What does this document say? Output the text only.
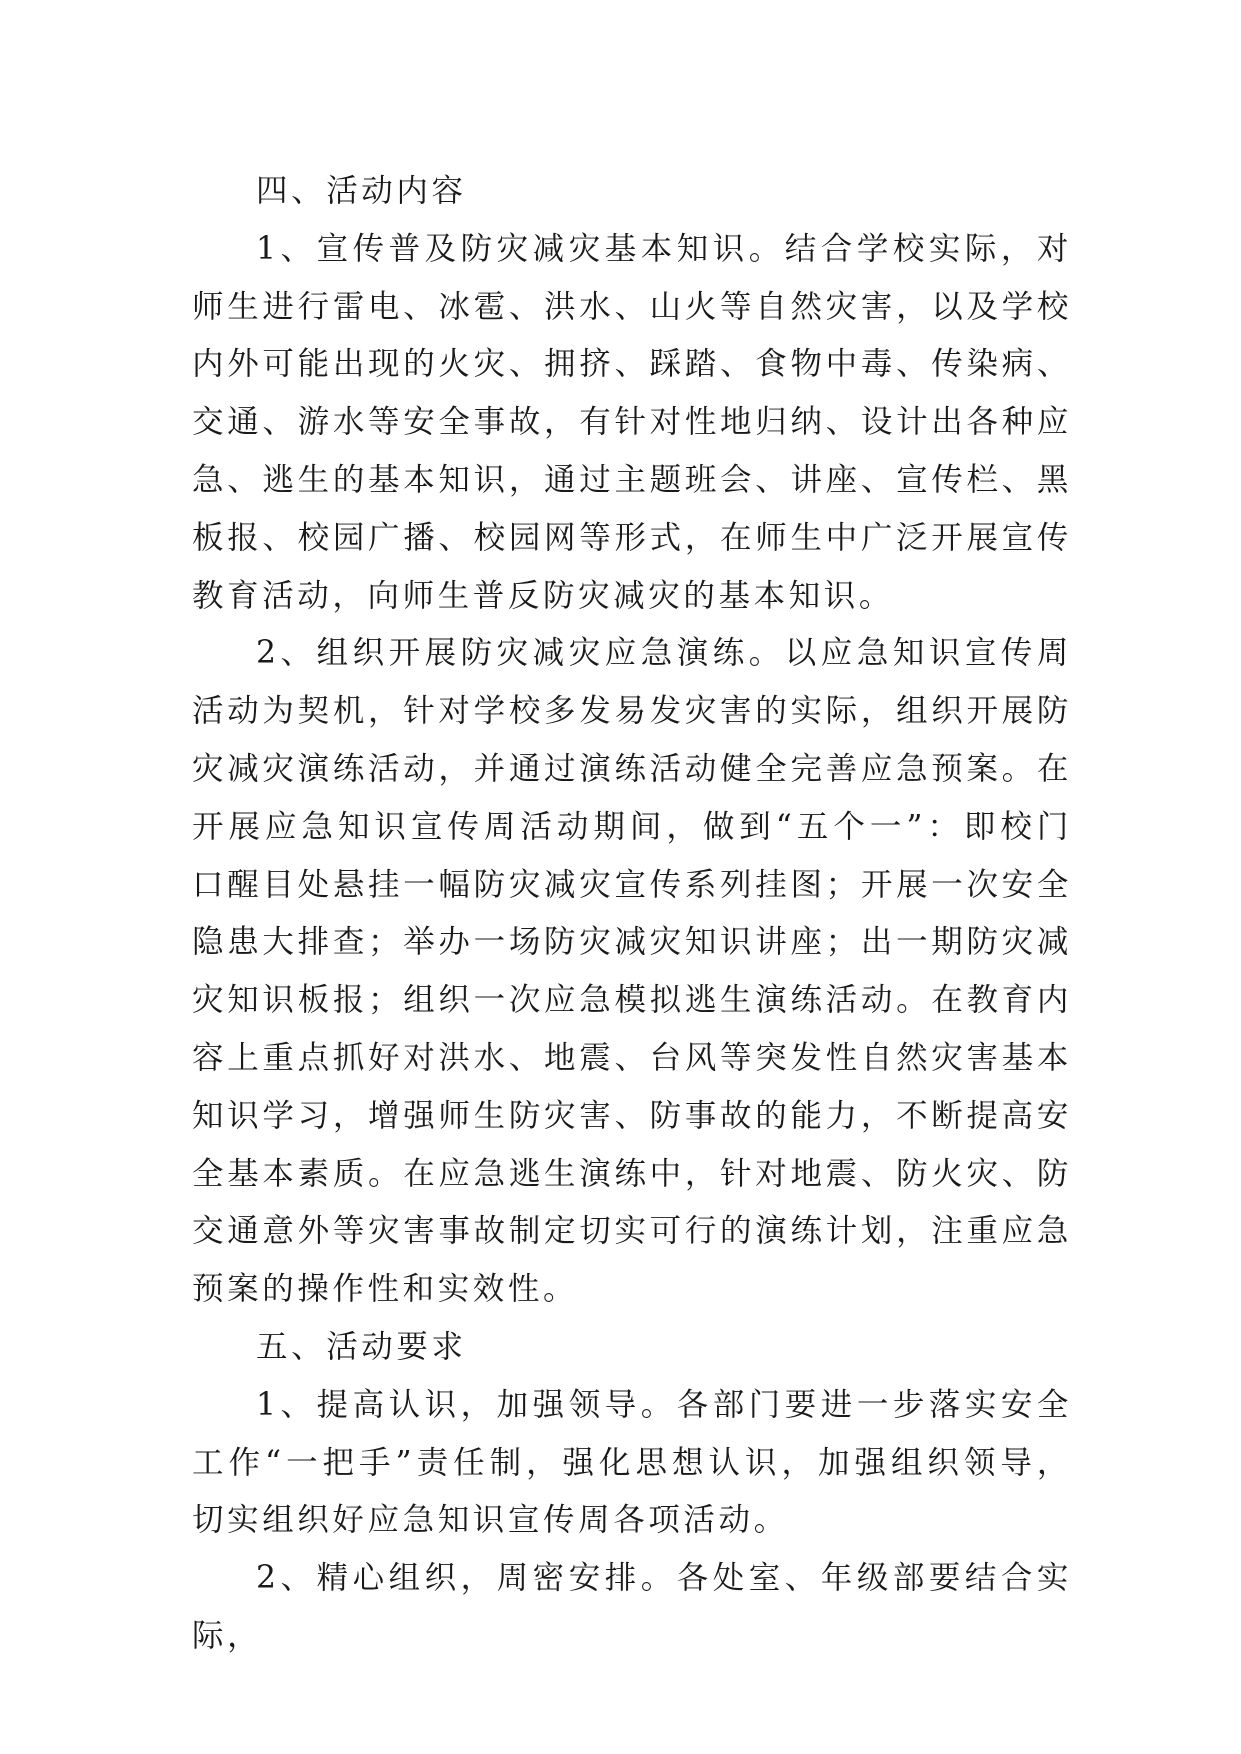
四、活动内容

1、宣传普及防灾减灾基本知识。结合学校实际，对师生进行雷电、冰雹、洪水、山火等自然灾害，以及学校内外可能出现的火灾、拥挤、踩踏、食物中毒、传染病、交通、游水等安全事故，有针对性地归纳、设计出各种应急、逃生的基本知识，通过主题班会、讲座、宣传栏、黑板报、校园广播、校园网等形式，在师生中广泛开展宣传教育活动，向师生普反防灾减灾的基本知识。

2、组织开展防灾减灾应急演练。以应急知识宣传周活动为契机，针对学校多发易发灾害的实际，组织开展防灾减灾演练活动，并通过演练活动健全完善应急预案。在开展应急知识宣传周活动期间，做到“五个一”：即校门口醒目处悬挂一幅防灾减灾宣传系列挂图；开展一次安全隐患大排查；举办一场防灾减灾知识讲座；出一期防灾减灾知识板报；组织一次应急模拟逃生演练活动。在教育内容上重点抓好对洪水、地震、台风等突发性自然灾害基本知识学习，增强师生防灾害、防事故的能力，不断提高安全基本素质。在应急逃生演练中，针对地震、防火灾、防交通意外等灾害事故制定切实可行的演练计划，注重应急预案的操作性和实效性。

五、活动要求

1、提高认识，加强领导。各部门要进一步落实安全工作“一把手”责任制，强化思想认识，加强组织领导，切实组织好应急知识宣传周各项活动。

2、精心组织，周密安排。各处室、年级部要结合实际，
